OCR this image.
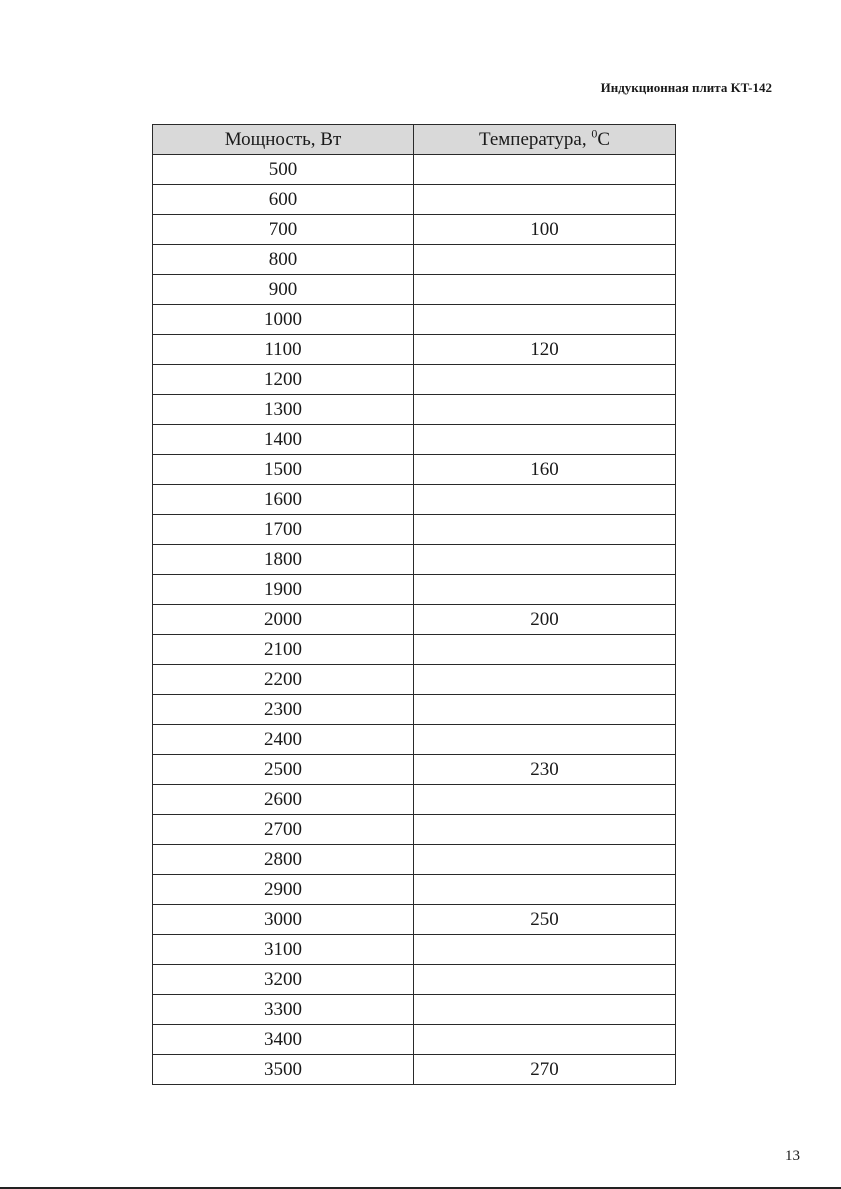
Индукционная плита KT-142
Мощность, Вт	Температура, $^0$C
500	
600	
700	100
800	
900	
1000	
1100	120
1200	
1300	
1400	
1500	160
1600	
1700	
1800	
1900	
2000	200
2100	
2200	
2300	
2400	
2500	230
2600	
2700	
2800	
2900	
3000	250
3100	
3200	
3300	
3400	
3500	270
13
